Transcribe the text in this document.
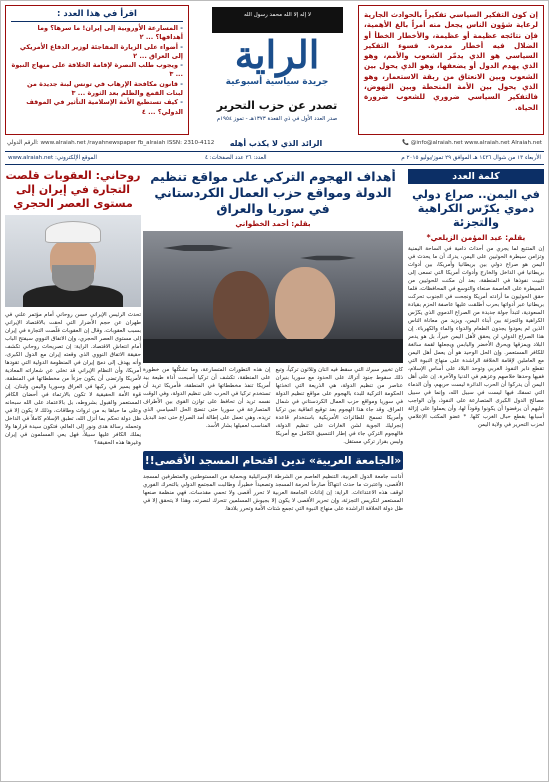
إن كون التفكير السياسي تفكيراً بالحوادث الجارية لرعاية شؤون الناس يجعل منه أمراً بالغ الأهمية، فإن نتائجه عظيمة أو عظيمة، والأخطار الخطأ أو الضلال فيه أخطار مدمرة. فسوء التفكير السياسي هو الذي يدمّر الشعوب والأمم، وهو الذي يهدم الدول أو يضعفها، وهو الذي يحول بين الشعوب وبين الانعتاق من ربقة الاستعمار، وهو الذي يحول بين الأمة المنحطة وبين النهوض، فالتفكير السياسي ضروري للشعوب ضرورة الحياة.

لا إله إلا الله محمد رسول الله
الراية
جريدة سياسية أسبوعية
تصدر عن حزب التحرير
صدر العدد الأول في ذي القعدة ١٣٧٣هـ - تموز ١٩٥٤م
اقرأ في هذا العدد :
- المسارعة الأوروبية إلى إيران! ما سرها؟ وما أهدافها؟ ... ٢
- أضواء على الزيارة المفاجئة لوزير الدفاع الأمريكي إلى العراق ... ٢
- ويجوب طلب النصرة لإقامة الخلافة على منهاج النبوة ... ٣
- قانون مكافحة الإرهاب في تونس لبنة جديدة من لبنات القمع والظلم بعد الثورة ... ٣
- كيف تستطيع الأمة الإسلامية التأثير في الموقف الدولي؟ ... ٤
info@alraiah.net www.alraiah.net Alraiah.net@ 📞
الرائد الذي لا يكذب أهله
www.alraiah.net /rayahnewspaper fb_alraiah ISSN: 2310-4112 :الرقم الدولي
الأربعاء ١٣ من شوال ١٤٣٦ هـ الموافق ٢٩ تموز/يوليو ٢٠١٥ م
العدد: ٣٦ عدد الصفحات: ٤
الموقع الإلكتروني: www.alraiah.net
كلمة العدد
في اليمن.. صراع دولي دموي يكرّس الكراهية والتجزئة
بقلم: عبد المؤمن الزيلعي*

إن المتتبع لما يجري من أحداث دامية في الساحة اليمنية وتزامن سيطرة الحوثيين على اليمن، يدرك أن ما يحدث في اليمن هو صراع دولي بين بريطانيا وأمريكا، بين أدوات بريطانيا في الداخل والخارج وأدوات أمريكا التي تسعى إلى تثبيت نفوذها في المنطقة، بعد أن مكنت للحوثيين من السيطرة على العاصمة صنعاء والتوسع في المحافظات، فلما حقق الحوثيون ما أرادته أمريكا ونجحت في الجنوب تحركت بريطانيا عبر أدواتها بحرب أطلقت عليها عاصفة الحزم بقيادة السعودية، لتبدأ جولة جديدة من الصراع الدموي الذي يكرّس الكراهية والتجزئة بين أبناء اليمن، ويزيد من معاناة الناس الذين لم يعودوا يجدون الطعام والدواء والماء والكهرباء. إن هذا الصراع الدولي لن يحقق لأهل اليمن خيراً، بل هو يدمر البلاد ويمزقها ويحرق الأخضر واليابس ويجعلها لقمة سائغة للكافر المستعمر. وإن الحل الوحيد هو أن يعمل أهل اليمن مع العاملين لإقامة الخلافة الراشدة على منهاج النبوة التي تقطع دابر النفوذ الغربي وتوحد البلاد على أساس الإسلام، ففيها وحدها خلاصهم وعزهم في الدنيا والآخرة. إن على أهل اليمن أن يدركوا أن الحرب الدائرة ليست حربهم، وأن الدماء التي تسفك فيها ليست في سبيل الله، وإنما في سبيل مصالح الدول الكبرى المتصارعة على النفوذ، وأن الواجب عليهم أن يرفضوا أن يكونوا وقوداً لها، وأن يعملوا على إزالة أسبابها بقطع حبال الغرب كلها. * عضو المكتب الإعلامي لحزب التحرير في ولاية اليمن

أهداف الهجوم التركي على مواقع تنظيم الدولة ومواقع حزب العمال الكردستاني في سوريا والعراق
بقلم: أحمد الخطواني

كان تخيير سبرك التي سقط فيه اثنان وثلاثون تركياً، وتبع ذلك سقوط جنود أتراك على الحدود مع سوريا بنيران عناصر من تنظيم الدولة، هي الذريعة التي اتخذتها الحكومة التركية للبدء بالهجوم على مواقع تنظيم الدولة في سوريا ومواقع حزب العمال الكردستاني في شمال العراق. وقد جاء هذا الهجوم بعد توقيع اتفاقية بين تركيا وأمريكا تسمح للطائرات الأمريكية باستخدام قاعدة إنجرليك الجوية لشن الغارات على تنظيم الدولة، فالهجوم التركي جاء في إطار التنسيق الكامل مع أمريكا وليس بقرار تركي مستقل.

إن هذه التطورات المتسارعة، وما تشكّلها من خطورة على المنطقة، تكشف أن تركيا أصبحت أداة طيعة بيد أمريكا تنفذ مخططاتها في المنطقة، فأمريكا تريد أن تستخدم تركيا في الحرب على تنظيم الدولة، وفي الوقت نفسه تريد أن تحافظ على توازن القوى بين الأطراف المتصارعة في سوريا حتى تنضج الحل السياسي الذي تريده، وهي تعمل على إطالة أمد الصراع حتى تجد البديل المناسب لعميلها بشار الأسد.

«الجامعة العربية» تدين اقتحام المسجد الأقصى!!

أدانت جامعة الدول العربية، التنظيم العاصم من الشرطة الإسرائيلية وبحماية من المستوطنين والمتطرفين لمسجد الأقصى، واعتبرت ما حدث انتهاكاً صارخاً لحرمة المسجد وتصعيداً خطيراً، وطالبت المجتمع الدولي بالتحرك الفوري لوقف هذه الاعتداءات. الراية: إن إدانات الجامعة العربية لا تحرر أقصى ولا تحمي مقدسات، فهي منظمة صنعها المستعمر لتكريس التجزئة، وإن تحرير الأقصى لا يكون إلا بجيوش المسلمين تتحرك لنصرته، وهذا لا يتحقق إلا في ظل دولة الخلافة الراشدة على منهاج النبوة التي تجمع شتات الأمة وتحرر بلادها.

روحاني: العقوبات قلصت التجارة في إيران إلى مستوى العصر الحجري

تحدث الرئيس الإيراني حسن روحاني أمام مؤتمر علني في طهران عن حجم الأضرار التي لحقت بالاقتصاد الإيراني بسبب العقوبات، وقال إن العقوبات قلّصت التجارة في إيران إلى مستوى العصر الحجري، وإن الاتفاق النووي سيفتح الباب أمام انتعاش الاقتصاد. الراية: إن تصريحات روحاني تكشف حقيقة الاتفاق النووي الذي وقعته إيران مع الدول الكبرى، وأنه يهدف إلى دمج إيران في المنظومة الدولية التي تقودها أمريكا، وأن النظام الإيراني قد تخلى عن شعاراته المعادية لأمريكا وارتضى أن يكون جزءاً من مخططاتها في المنطقة، فهو يسير في ركبها في العراق وسوريا واليمن ولبنان. إن قوة الأمة الحقيقية لا تكون بالارتماء في أحضان الكافر المستعمر والقبول بشروطه، بل بالاعتماد على الله سبحانه وعلى ما حباها به من ثروات وطاقات، وذلك لا يكون إلا في ظل دولة تحكم بما أنزل الله، تطبق الإسلام كاملاً في الداخل وتحمله رسالة هدى ونور إلى العالم، فتكون سيدة قرارها ولا يملك الكافر عليها سبيلاً، فهل يعي المسلمون في إيران وغيرها هذه الحقيقة؟
